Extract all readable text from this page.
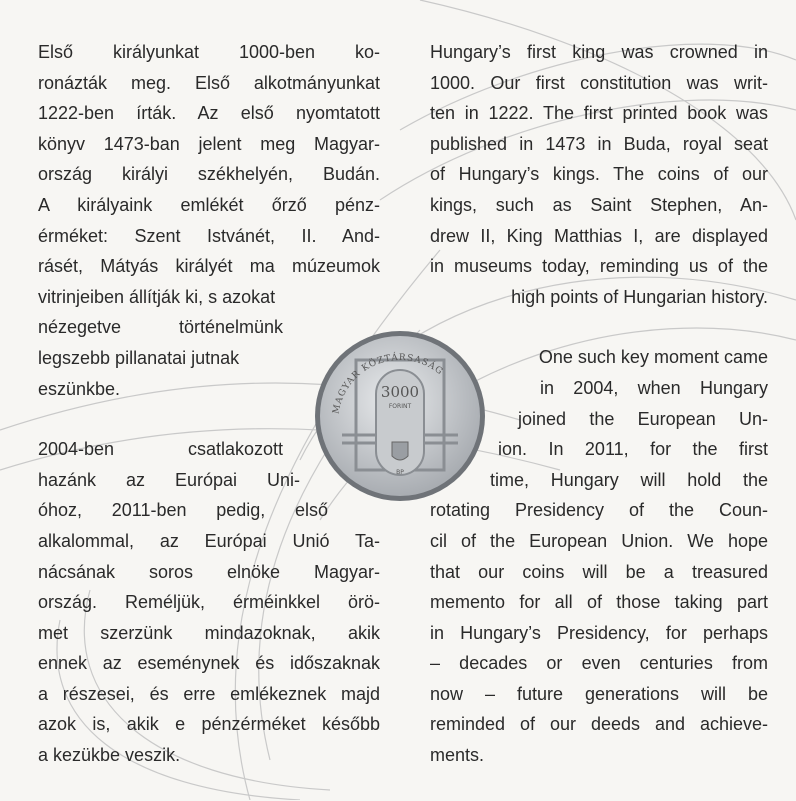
Első királyunkat 1000-ben ko-
ronázták meg. Első alkotmányunkat
1222-ben írták. Az első nyomtatott
könyv 1473-ban jelent meg Magyar-
ország királyi székhelyén, Budán.
A királyaink emlékét őrző pénz-
érméket: Szent Istvánét, II. And-
rásét, Mátyás királyét ma múzeumok
vitrinjeiben állítják ki, s azokat
nézegetve történelmünk
legszebb pillanatai jutnak
eszünkbe.
2004-ben csatlakozott
hazánk az Európai Uni-
óhoz, 2011-ben pedig, első
alkalommal, az Európai Unió Ta-
nácsának soros elnöke Magyar-
ország. Reméljük, érméinkkel örö-
met szerzünk mindazoknak, akik
ennek az eseménynek és időszaknak
a részesei, és erre emlékeznek majd
azok is, akik e pénzérméket később
a kezükbe veszik.
Hungary’s first king was crowned in
1000. Our first constitution was writ-
ten in 1222. The first printed book was
published in 1473 in Buda, royal seat
of Hungary’s kings. The coins of our
kings, such as Saint Stephen, An-
drew II, King Matthias I, are displayed
in museums today, reminding us of the
high points of Hungarian history.
One such key moment came
in 2004, when Hungary
joined the European Un-
ion. In 2011, for the first
time, Hungary will hold the
rotating Presidency of the Coun-
cil of the European Union. We hope
that our coins will be a treasured
memento for all of those taking part
in Hungary’s Presidency, for perhaps
– decades or even centuries from
now – future generations will be
reminded of our deeds and achieve-
ments.
MAGYAR KÖZTÁRSASÁG
3000
FORINT
BP
